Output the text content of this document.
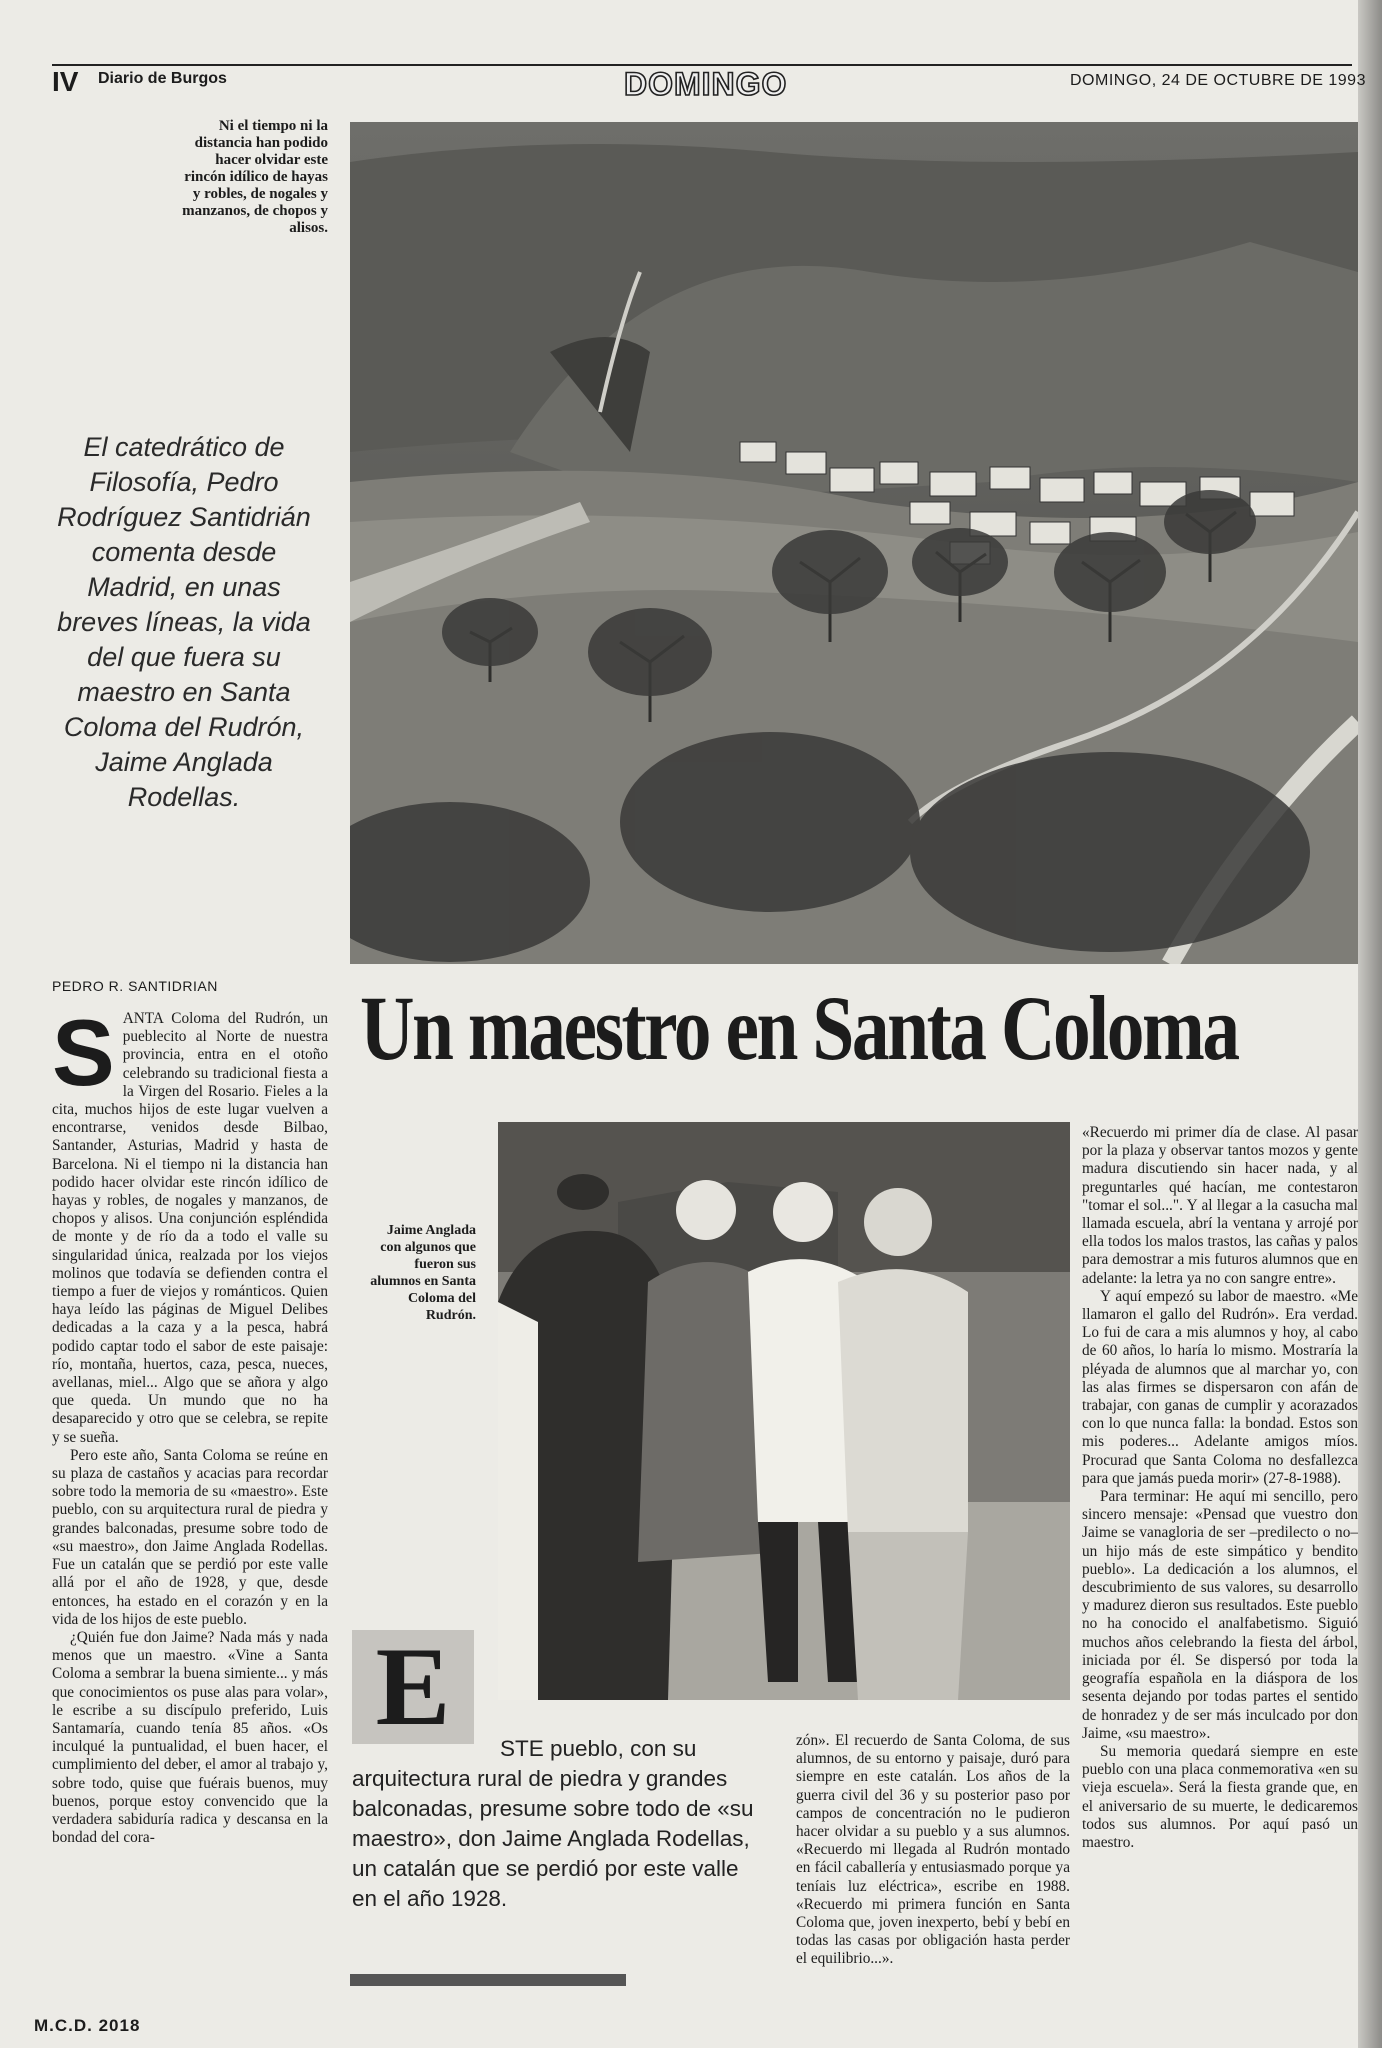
IV Diario de Burgos	DOMINGO	DOMINGO, 24 DE OCTUBRE DE 1993
Ni el tiempo ni la distancia han podido hacer olvidar este rincón idílico de hayas y robles, de nogales y manzanos, de chopos y alisos.
El catedrático de Filosofía, Pedro Rodríguez Santidrián comenta desde Madrid, en unas breves líneas, la vida del que fuera su maestro en Santa Coloma del Rudrón, Jaime Anglada Rodellas.
PEDRO R. SANTIDRIAN Un maestro en Santa Coloma
S ANTA Coloma del Rudrón, un pueblecito al Norte de nuestra provincia, entra en el otoño celebrando su tradicional fiesta a la Virgen del Rosario. Fieles a la cita, muchos hijos de este lugar vuelven a encontrarse, venidos desde Bilbao, Santander, Asturias, Madrid y hasta de Barcelona. Ni el tiempo ni la distancia han podido hacer olvidar este rincón idílico de hayas y robles, de nogales y manzanos, de chopos y alisos. Una conjunción espléndida de monte y de río da a todo el valle su singularidad única, realzada por los viejos molinos que todavía se defienden contra el tiempo a fuer de viejos y románticos. Quien haya leído las páginas de Miguel Delibes dedicadas a la caza y a la pesca, habrá podido captar todo el sabor de este paisaje: río, montaña, huertos, caza, pesca, nueces, avellanas, miel... Algo que se añora y algo que queda. Un mundo que no ha desaparecido y otro que se celebra, se repite y se sueña.

Pero este año, Santa Coloma se reúne en su plaza de castaños y acacias para recordar sobre todo la memoria de su «maestro». Este pueblo, con su arquitectura rural de piedra y grandes balconadas, presume sobre todo de «su maestro», don Jaime Anglada Rodellas. Fue un catalán que se perdió por este valle allá por el año de 1928, y que, desde entonces, ha estado en el corazón y en la vida de los hijos de este pueblo.

¿Quién fue don Jaime? Nada más y nada menos que un maestro. «Vine a Santa Coloma a sembrar la buena simiente... y más que conocimientos os puse alas para volar», le escribe a su discípulo preferido, Luis Santamaría, cuando tenía 85 años. «Os inculqué la puntualidad, el buen hacer, el cumplimiento del deber, el amor al trabajo y, sobre todo, quise que fuérais buenos, muy buenos, porque estoy convencido que la verdadera sabiduría radica y descansa en la bondad del cora-

Jaime Anglada con algunos que fueron sus alumnos en Santa Coloma del Rudrón.

«Recuerdo mi primer día de clase. Al pasar por la plaza y observar tantos mozos y gente madura discutiendo sin hacer nada, y al preguntarles qué hacían, me contestaron "tomar el sol...". Y al llegar a la casucha mal llamada escuela, abrí la ventana y arrojé por ella todos los malos trastos, las cañas y palos para demostrar a mis futuros alumnos que en adelante: la letra ya no con sangre entre».

Y aquí empezó su labor de maestro. «Me llamaron el gallo del Rudrón». Era verdad. Lo fui de cara a mis alumnos y hoy, al cabo de 60 años, lo haría lo mismo. Mostraría la pléyada de alumnos que al marchar yo, con las alas firmes se dispersaron con afán de trabajar, con ganas de cumplir y acorazados con lo que nunca falla: la bondad. Estos son mis poderes... Adelante amigos míos. Procurad que Santa Coloma no desfallezca para que jamás pueda morir» (27-8-1988).

Para terminar: He aquí mi sencillo, pero sincero mensaje: «Pensad que vuestro don Jaime se vanagloria de ser –predilecto o no– un hijo más de este simpático y bendito pueblo». La dedicación a los alumnos, el descubrimiento de sus valores, su desarrollo y madurez dieron sus resultados. Este pueblo no ha conocido el analfabetismo. Siguió muchos años celebrando la fiesta del árbol, iniciada por él. Se dispersó por toda la geografía española en la diáspora de los sesenta dejando por todas partes el sentido de honradez y de ser más inculcado por don Jaime, «su maestro».

Su memoria quedará siempre en este pueblo con una placa conmemorativa «en su vieja escuela». Será la fiesta grande que, en el aniversario de su muerte, le dedicaremos todos sus alumnos. Por aquí pasó un maestro.

E	STE pueblo, con su arquitectura rural de piedra y grandes balconadas, presume sobre todo de «su maestro», don Jaime Anglada Rodellas, un catalán que se perdió por este valle en el año 1928.

zón». El recuerdo de Santa Coloma, de sus alumnos, de su entorno y paisaje, duró para siempre en este catalán. Los años de la guerra civil del 36 y su posterior paso por campos de concentración no le pudieron hacer olvidar a su pueblo y a sus alumnos. «Recuerdo mi llegada al Rudrón montado en fácil caballería y entusiasmado porque ya teníais luz eléctrica», escribe en 1988. «Recuerdo mi primera función en Santa Coloma que, joven inexperto, bebí y bebí en todas las casas por obligación hasta perder el equilibrio...».

M.C.D. 2018
